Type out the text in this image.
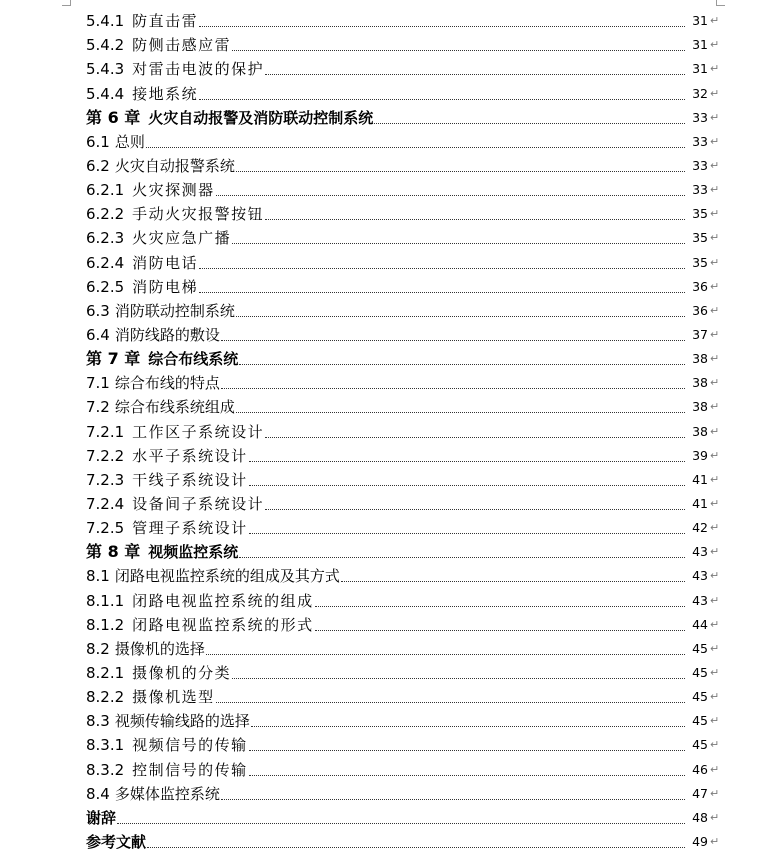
5.4.1 防直击雷	31 ↵
5.4.2 防侧击感应雷	31 ↵
5.4.3 对雷击电波的保护	31 ↵
5.4.4 接地系统	32 ↵
第 6 章 火灾自动报警及消防联动控制系统	33 ↵
6.1 总则	33 ↵
6.2 火灾自动报警系统	33 ↵
6.2.1 火灾探测器	33 ↵
6.2.2 手动火灾报警按钮	35 ↵
6.2.3 火灾应急广播	35 ↵
6.2.4 消防电话	35 ↵
6.2.5 消防电梯	36 ↵
6.3 消防联动控制系统	36 ↵
6.4 消防线路的敷设	37 ↵
第 7 章 综合布线系统	38 ↵
7.1 综合布线的特点	38 ↵
7.2 综合布线系统组成	38 ↵
7.2.1 工作区子系统设计	38 ↵
7.2.2 水平子系统设计	39 ↵
7.2.3 干线子系统设计	41 ↵
7.2.4 设备间子系统设计	41 ↵
7.2.5 管理子系统设计	42 ↵
第 8 章 视频监控系统	43 ↵
8.1 闭路电视监控系统的组成及其方式	43 ↵
8.1.1 闭路电视监控系统的组成	43 ↵
8.1.2 闭路电视监控系统的形式	44 ↵
8.2 摄像机的选择	45 ↵
8.2.1 摄像机的分类	45 ↵
8.2.2 摄像机选型	45 ↵
8.3 视频传输线路的选择	45 ↵
8.3.1 视频信号的传输	45 ↵
8.3.2 控制信号的传输	46 ↵
8.4 多媒体监控系统	47 ↵
谢辞	48 ↵
参考文献	49 ↵
